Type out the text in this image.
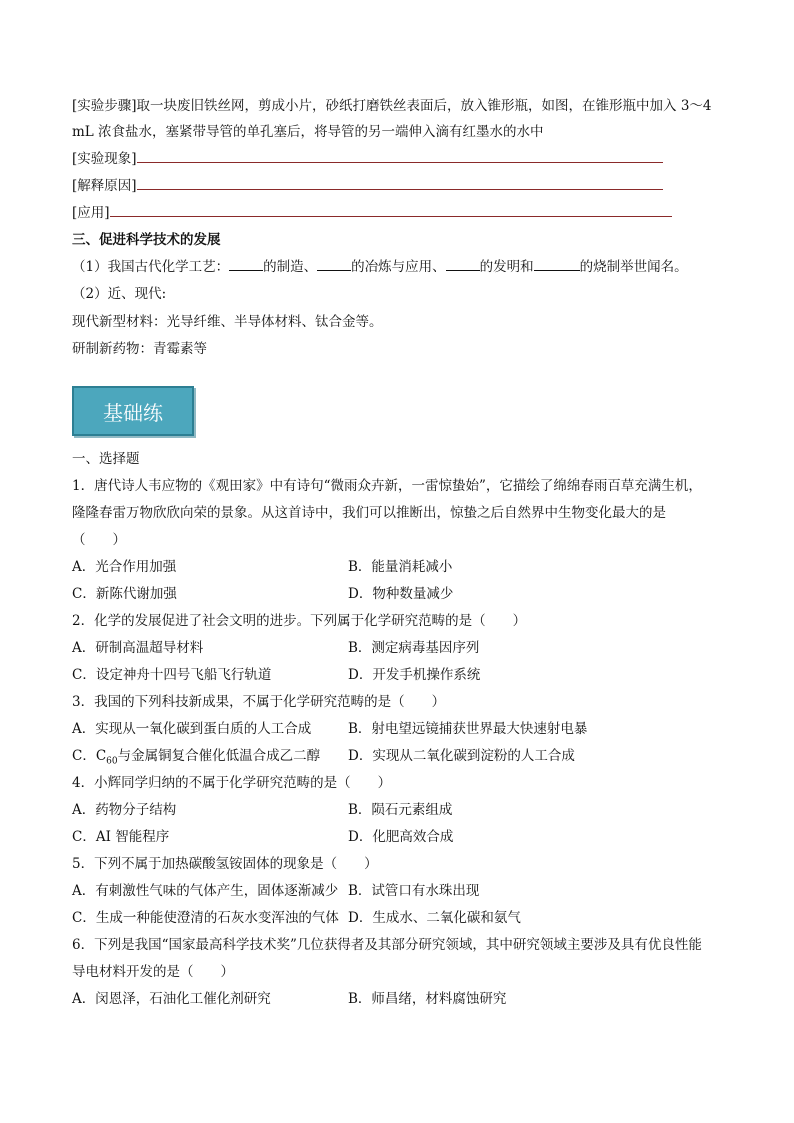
[实验步骤]取一块废旧铁丝网，剪成小片，砂纸打磨铁丝表面后，放入锥形瓶，如图，在锥形瓶中加入 3～4
mL 浓食盐水，塞紧带导管的单孔塞后，将导管的另一端伸入滴有红墨水的水中
[实验现象]
[解释原因]
[应用]
三、促进科学技术的发展
（1）我国古代化学工艺：	的制造、	的冶炼与应用、	的发明和	的烧制举世闻名。
（2）近、现代:
现代新型材料：光导纤维、半导体材料、钛合金等。
研制新药物：青霉素等
基础练
一、选择题
1．唐代诗人韦应物的《观田家》中有诗句“微雨众卉新，一雷惊蛰始”，它描绘了绵绵春雨百草充满生机，
隆隆春雷万物欣欣向荣的景象。从这首诗中，我们可以推断出，惊蛰之后自然界中生物变化最大的是
（　　）
A．光合作用加强	B．能量消耗减小
C．新陈代谢加强	D．物种数量减少
2．化学的发展促进了社会文明的进步。下列属于化学研究范畴的是（　　）
A．研制高温超导材料	B．测定病毒基因序列
C．设定神舟十四号飞船飞行轨道	D．开发手机操作系统
3．我国的下列科技新成果，不属于化学研究范畴的是（　　）
A．实现从一氧化碳到蛋白质的人工合成	B．射电望远镜捕获世界最大快速射电暴
C．$C_{60}$与金属铜复合催化低温合成乙二醇 D．实现从二氧化碳到淀粉的人工合成
4．小辉同学归纳的不属于化学研究范畴的是（　　）
A．药物分子结构	B．陨石元素组成
C．AI 智能程序	D．化肥高效合成
5．下列不属于加热碳酸氢铵固体的现象是（　　）
A．有刺激性气味的气体产生，固体逐渐减少 B．试管口有水珠出现
C．生成一种能使澄清的石灰水变浑浊的气体 D．生成水、二氧化碳和氨气
6．下列是我国“国家最高科学技术奖”几位获得者及其部分研究领域，其中研究领域主要涉及具有优良性能
导电材料开发的是（　　）
A．闵恩泽，石油化工催化剂研究	B．师昌绪，材料腐蚀研究
